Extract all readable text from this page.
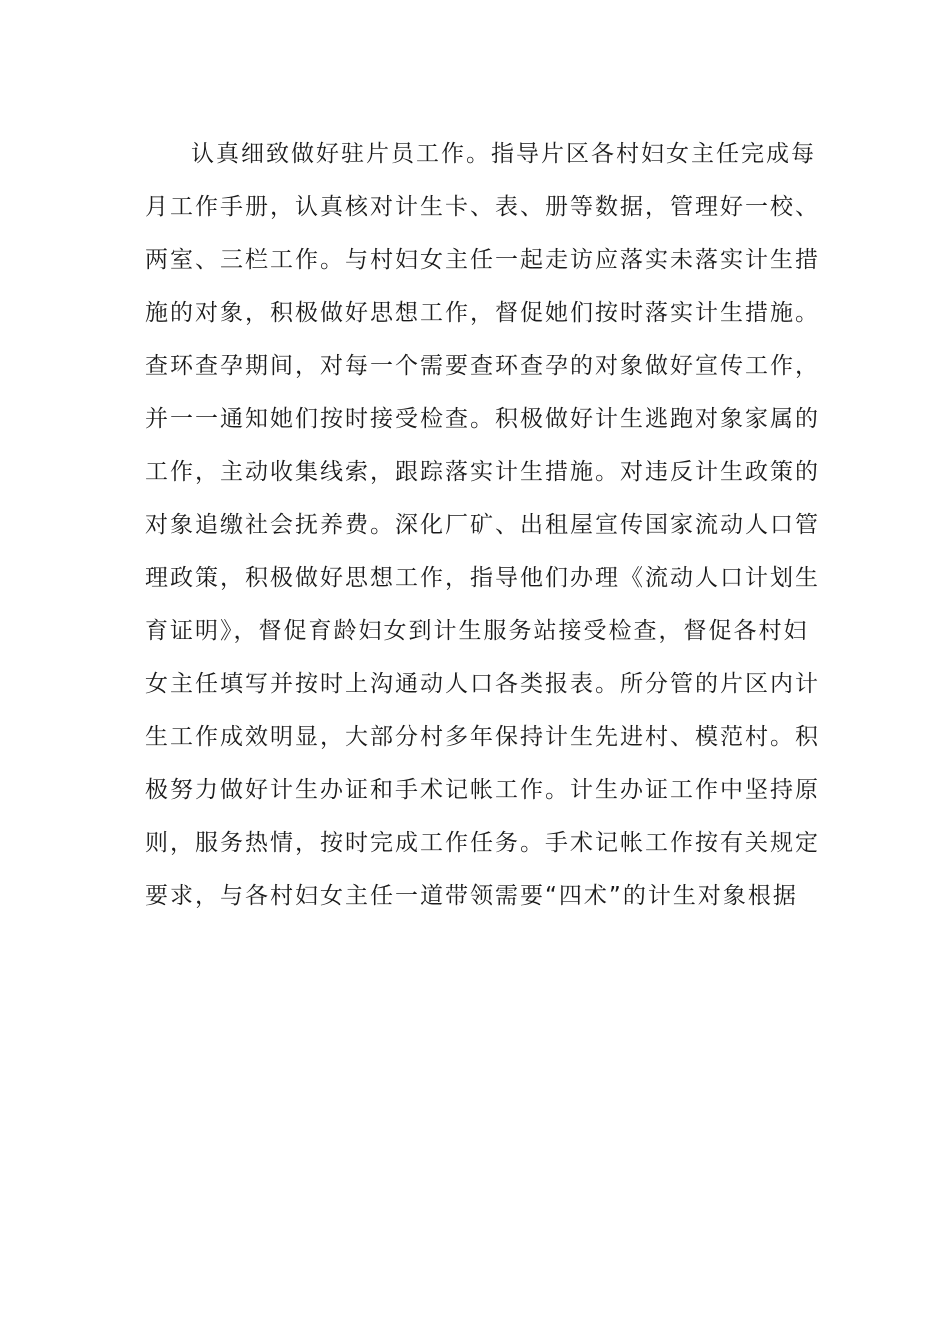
认真细致做好驻片员工作。指导片区各村妇女主任完成每

月工作手册，认真核对计生卡、表、册等数据，管理好一校、

两室、三栏工作。与村妇女主任一起走访应落实未落实计生措

施的对象，积极做好思想工作，督促她们按时落实计生措施。

查环查孕期间，对每一个需要查环查孕的对象做好宣传工作，

并一一通知她们按时接受检查。积极做好计生逃跑对象家属的

工作，主动收集线索，跟踪落实计生措施。对违反计生政策的

对象追缴社会抚养费。深化厂矿、出租屋宣传国家流动人口管

理政策，积极做好思想工作，指导他们办理《流动人口计划生

育证明》，督促育龄妇女到计生服务站接受检查，督促各村妇

女主任填写并按时上沟通动人口各类报表。所分管的片区内计

生工作成效明显，大部分村多年保持计生先进村、模范村。积

极努力做好计生办证和手术记帐工作。计生办证工作中坚持原

则，服务热情，按时完成工作任务。手术记帐工作按有关规定

要求，与各村妇女主任一道带领需要“四术”的计生对象根据
